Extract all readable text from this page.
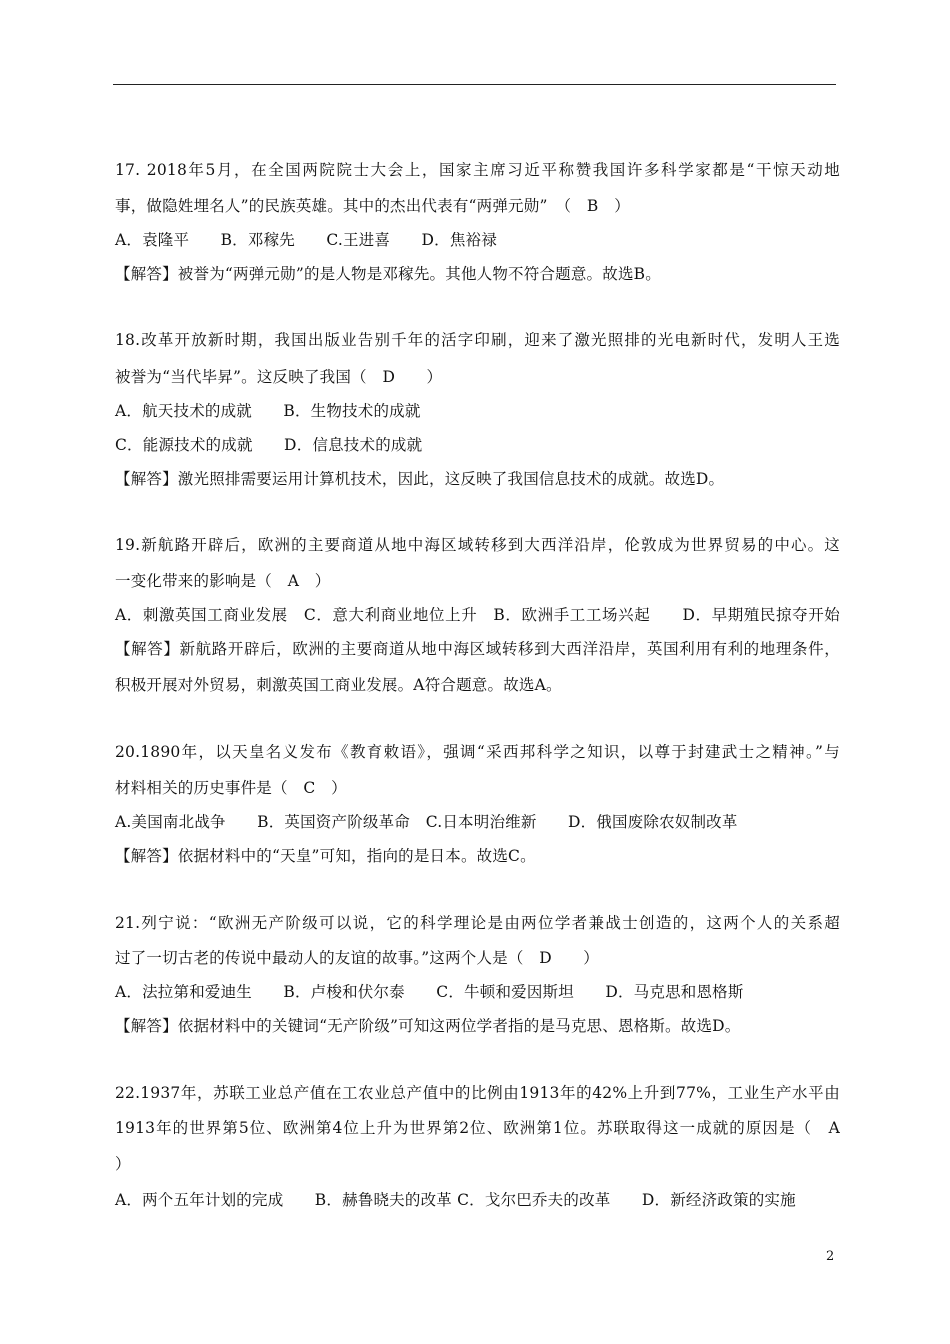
17. 2018年5月，在全国两院院士大会上，国家主席习近平称赞我国许多科学家都是“干惊天动地
事，做隐姓埋名人”的民族英雄。其中的杰出代表有“两弹元勋”　（　B　）
A．袁隆平　　B．邓稼先　　C.王进喜　　D．焦裕禄
【解答】被誉为“两弹元勋”的是人物是邓稼先。其他人物不符合题意。故选B。
18.改革开放新时期，我国出版业告别千年的活字印刷，迎来了激光照排的光电新时代，发明人王选
被誉为“当代毕昇”。这反映了我国（　D　　）
A．航天技术的成就　　B．生物技术的成就
C．能源技术的成就　　D．信息技术的成就
【解答】激光照排需要运用计算机技术，因此，这反映了我国信息技术的成就。故选D。
19.新航路开辟后，欧洲的主要商道从地中海区域转移到大西洋沿岸，伦敦成为世界贸易的中心。这
一变化带来的影响是（　A　）
A．刺激英国工商业发展　C．意大利商业地位上升　B．欧洲手工工场兴起　　D．早期殖民掠夺开始
【解答】新航路开辟后，欧洲的主要商道从地中海区域转移到大西洋沿岸，英国利用有利的地理条件，
积极开展对外贸易，刺激英国工商业发展。A符合题意。故选A。
20.1890年，以天皇名义发布《教育敕语》，强调“采西邦科学之知识，以尊于封建武士之精神。”与
材料相关的历史事件是（　C　）
A.美国南北战争　　B．英国资产阶级革命　C.日本明治维新　　D．俄国废除农奴制改革
【解答】依据材料中的“天皇”可知，指向的是日本。故选C。
21.列宁说：“欧洲无产阶级可以说，它的科学理论是由两位学者兼战士创造的，这两个人的关系超
过了一切古老的传说中最动人的友谊的故事。”这两个人是（　D　　）
A．法拉第和爱迪生　　B．卢梭和伏尔泰　　C．牛顿和爱因斯坦　　D．马克思和恩格斯
【解答】依据材料中的关键词“无产阶级”可知这两位学者指的是马克思、恩格斯。故选D。
22.1937年，苏联工业总产值在工农业总产值中的比例由1913年的42%上升到77%，工业生产水平由
1913年的世界第5位、欧洲第4位上升为世界第2位、欧洲第1位。苏联取得这一成就的原因是（　A
）
A．两个五年计划的完成　　B．赫鲁晓夫的改革 C．戈尔巴乔夫的改革　　D．新经济政策的实施
2
